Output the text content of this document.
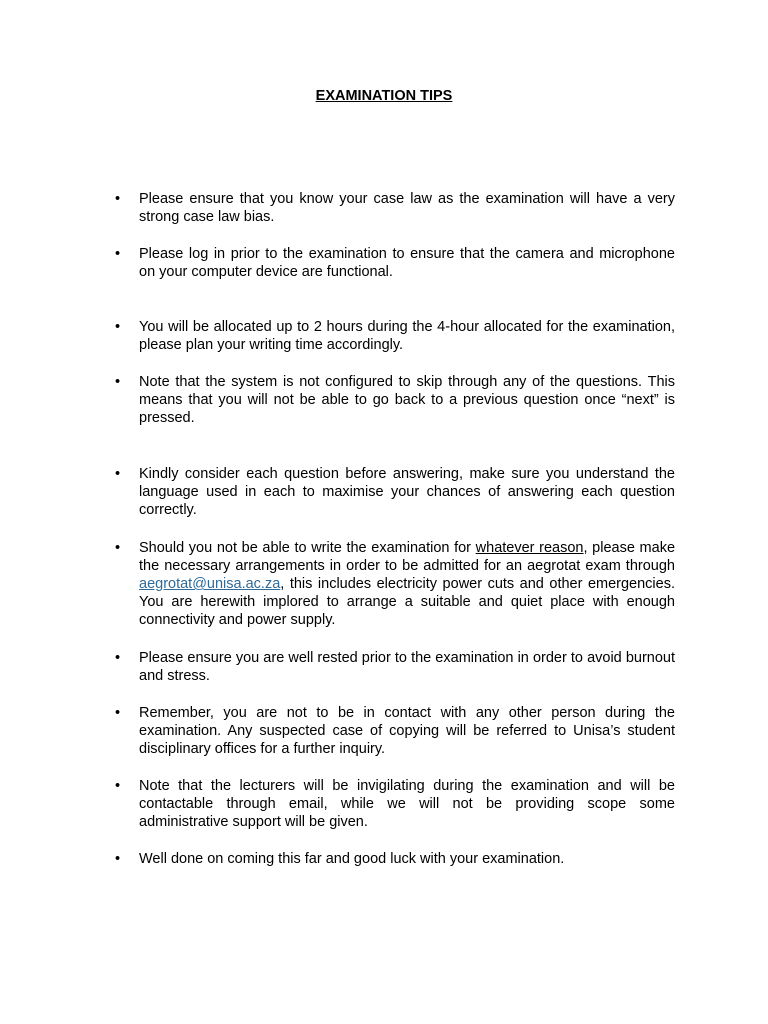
EXAMINATION TIPS
•	Please ensure that you know your case law as the examination will have a very strong case law bias.
•	Please log in prior to the examination to ensure that the camera and microphone on your computer device are functional.
•	You will be allocated up to 2 hours during the 4-hour allocated for the examination, please plan your writing time accordingly.
•	Note that the system is not configured to skip through any of the questions. This means that you will not be able to go back to a previous question once “next” is pressed.
•	Kindly consider each question before answering, make sure you understand the language used in each to maximise your chances of answering each question correctly.
•	Should you not be able to write the examination for whatever reason, please make the necessary arrangements in order to be admitted for an aegrotat exam through aegrotat@unisa.ac.za, this includes electricity power cuts and other emergencies. You are herewith implored to arrange a suitable and quiet place with enough connectivity and power supply.
•	Please ensure you are well rested prior to the examination in order to avoid burnout and stress.
•	Remember, you are not to be in contact with any other person during the examination. Any suspected case of copying will be referred to Unisa’s student disciplinary offices for a further inquiry.
•	Note that the lecturers will be invigilating during the examination and will be contactable through email, while we will not be providing scope some administrative support will be given.
•	Well done on coming this far and good luck with your examination.
